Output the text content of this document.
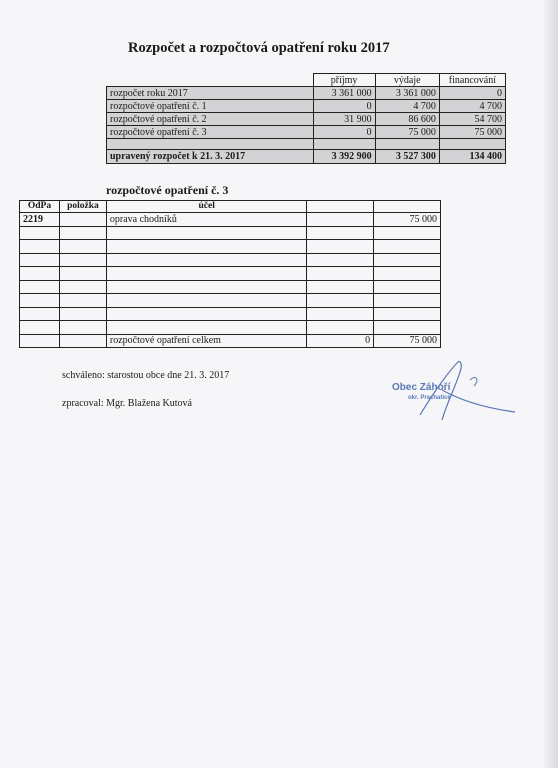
Rozpočet a rozpočtová opatření roku 2017
	příjmy	výdaje	financování
rozpočet roku 2017	3 361 000	3 361 000	0
rozpočtové opatření č. 1	0	4 700	4 700
rozpočtové opatření č. 2	31 900	86 600	54 700
rozpočtové opatření č. 3	0	75 000	75 000

upravený rozpočet k 21. 3. 2017	3 392 900	3 527 300	134 400
rozpočtové opatření č. 3
OdPa	položka	účel		
2219		oprava chodníků		75 000

		rozpočtové opatření celkem	0	75 000
schváleno: starostou obce dne 21. 3. 2017
zpracoval: Mgr. Blažena Kutová
Obec Záhoří
okr. Prachatice
